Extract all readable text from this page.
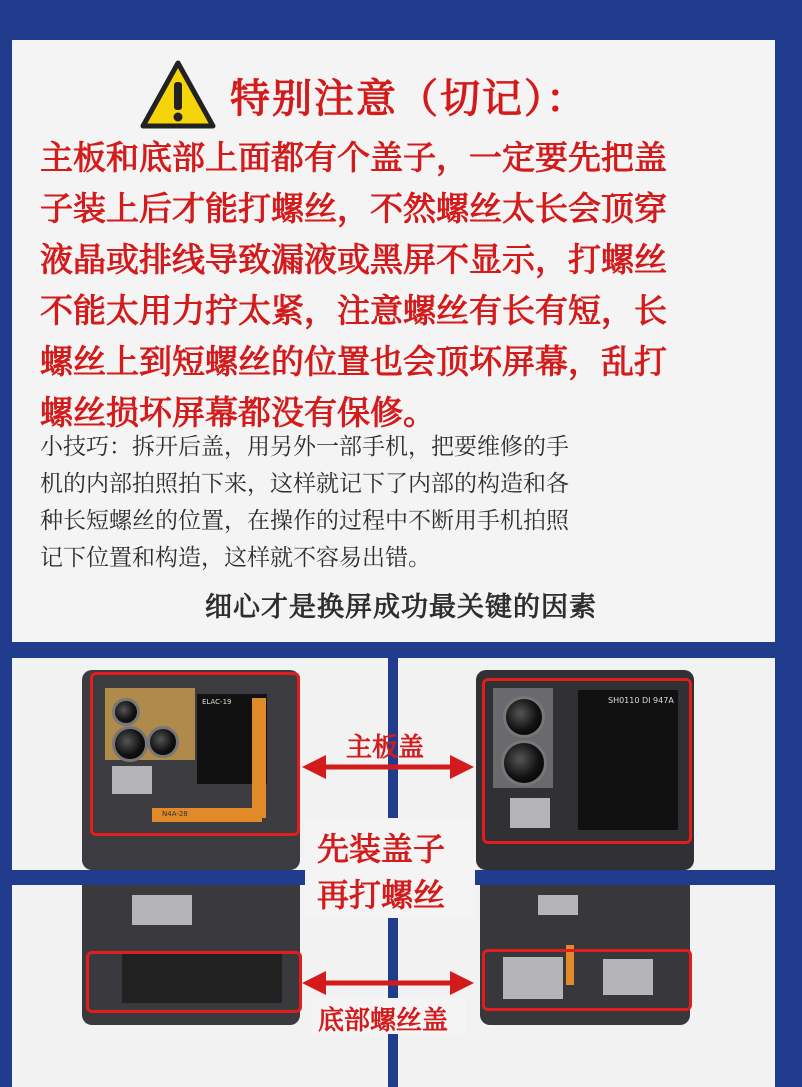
特别注意（切记）：
主板和底部上面都有个盖子，一定要先把盖
子装上后才能打螺丝，不然螺丝太长会顶穿
液晶或排线导致漏液或黑屏不显示，打螺丝
不能太用力拧太紧，注意螺丝有长有短，长
螺丝上到短螺丝的位置也会顶坏屏幕，乱打
螺丝损坏屏幕都没有保修。
小技巧：拆开后盖，用另外一部手机，把要维修的手
机的内部拍照拍下来，这样就记下了内部的构造和各
种长短螺丝的位置，在操作的过程中不断用手机拍照
记下位置和构造，这样就不容易出错。
细心才是换屏成功最关键的因素
ELAC-19
N4A-28
SH0110 DI 947A
先装盖子
再打螺丝
主板盖
底部螺丝盖
